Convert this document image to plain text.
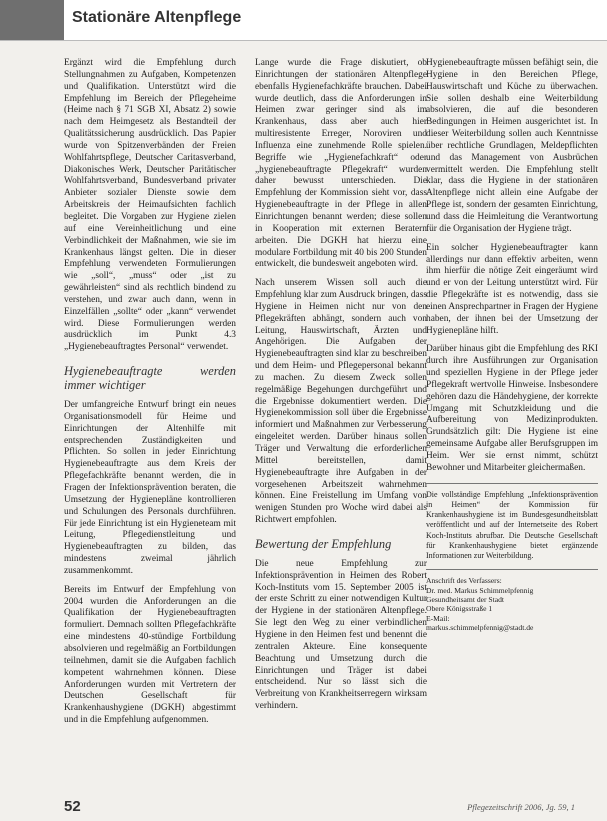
Stationäre Altenpflege

Ergänzt wird die Empfehlung durch Stellungnahmen zu Aufgaben, Kompetenzen und Qualifikation. Unterstützt wird die Empfehlung im Bereich der Pflegeheime (Heime nach § 71 SGB XI, Absatz 2) sowie nach dem Heimgesetz als Bestandteil der Qualitätssicherung ausdrücklich. Das Papier wurde von Spitzenverbänden der Freien Wohlfahrtspflege, Deutscher Caritasverband, Diakonisches Werk, Deutscher Paritätischer Wohlfahrtsverband, Bundesverband privater Anbieter sozialer Dienste sowie dem Arbeitskreis der Heimaufsichten fachlich begleitet. Die Vorgaben zur Hygiene zielen auf eine Vereinheitlichung und eine Verbindlichkeit der Maßnahmen, wie sie im Krankenhaus längst gelten. Die in dieser Empfehlung verwendeten Formulierungen wie „soll“, „muss“ oder „ist zu gewährleisten“ sind als rechtlich bindend zu verstehen, und zwar auch dann, wenn in Einzelfällen „sollte“ oder „kann“ verwendet wird. Diese Formulierungen werden ausdrücklich im Punkt 4.3 „Hygienebeauftragtes Personal“ verwendet.

Hygienebeauftragte werden immer wichtiger

Der umfangreiche Entwurf bringt ein neues Organisationsmodell für Heime und Einrichtungen der Altenhilfe mit entsprechenden Zuständigkeiten und Pflichten. So sollen in jeder Einrichtung Hygienebeauftragte aus dem Kreis der Pflegefachkräfte benannt werden, die in Fragen der Infektionsprävention beraten, die Umsetzung der Hygienepläne kontrollieren und Schulungen des Personals durchführen. Für jede Einrichtung ist ein Hygieneteam mit Leitung, Pflegedienstleitung und Hygienebeauftragten zu bilden, das mindestens zweimal jährlich zusammenkommt.

Bereits im Entwurf der Empfehlung von 2004 wurden die Anforderungen an die Qualifikation der Hygienebeauftragten formuliert. Demnach sollten Pflegefachkräfte eine mindestens 40-stündige Fortbildung absolvieren und regelmäßig an Fortbildungen teilnehmen, damit sie die Aufgaben fachlich kompetent wahrnehmen können. Diese Anforderungen wurden mit Vertretern der Deutschen Gesellschaft für Krankenhaushygiene (DGKH) abgestimmt und in die Empfehlung aufgenommen.

Lange wurde die Frage diskutiert, ob Einrichtungen der stationären Altenpflege ebenfalls Hygienefachkräfte brauchen. Dabei wurde deutlich, dass die Anforderungen in Heimen zwar geringer sind als im Krankenhaus, dass aber auch hier multiresistente Erreger, Noroviren und Influenza eine zunehmende Rolle spielen. Begriffe wie „Hygienefachkraft“ oder „hygienebeauftragte Pflegekraft“ wurden daher bewusst unterschieden. Die Empfehlung der Kommission sieht vor, dass Hygienebeauftragte in der Pflege in allen Einrichtungen benannt werden; diese sollen in Kooperation mit externen Beratern arbeiten. Die DGKH hat hierzu eine modulare Fortbildung mit 40 bis 200 Stunden entwickelt, die bundesweit angeboten wird.

Nach unserem Wissen soll auch die Empfehlung klar zum Ausdruck bringen, dass Hygiene in Heimen nicht nur von den Pflegekräften abhängt, sondern auch von Leitung, Hauswirtschaft, Ärzten und Angehörigen. Die Aufgaben der Hygienebeauftragten sind klar zu beschreiben und dem Heim- und Pflegepersonal bekannt zu machen. Zu diesem Zweck sollen regelmäßige Begehungen durchgeführt und die Ergebnisse dokumentiert werden. Die Hygienekommission soll über die Ergebnisse informiert und Maßnahmen zur Verbesserung eingeleitet werden. Darüber hinaus sollen Träger und Verwaltung die erforderlichen Mittel bereitstellen, damit Hygienebeauftragte ihre Aufgaben in der vorgesehenen Arbeitszeit wahrnehmen können. Eine Freistellung im Umfang von wenigen Stunden pro Woche wird dabei als Richtwert empfohlen.

Bewertung der Empfehlung

Die neue Empfehlung zur Infektionsprävention in Heimen des Robert Koch-Instituts vom 15. September 2005 ist der erste Schritt zu einer notwendigen Kultur der Hygiene in der stationären Altenpflege. Sie legt den Weg zu einer verbindlichen Hygiene in den Heimen fest und benennt die zentralen Akteure. Eine konsequente Beachtung und Umsetzung durch die Einrichtungen und Träger ist dabei entscheidend. Nur so lässt sich die Verbreitung von Krankheitserregern wirksam verhindern.

Hygienebeauftragte müssen befähigt sein, die Hygiene in den Bereichen Pflege, Hauswirtschaft und Küche zu überwachen. Sie sollen deshalb eine Weiterbildung absolvieren, die auf die besonderen Bedingungen in Heimen ausgerichtet ist. In dieser Weiterbildung sollen auch Kenntnisse über rechtliche Grundlagen, Meldepflichten und das Management von Ausbrüchen vermittelt werden. Die Empfehlung stellt klar, dass die Hygiene in der stationären Altenpflege nicht allein eine Aufgabe der Pflege ist, sondern der gesamten Einrichtung, und dass die Heimleitung die Verantwortung für die Organisation der Hygiene trägt.

Ein solcher Hygienebeauftragter kann allerdings nur dann effektiv arbeiten, wenn ihm hierfür die nötige Zeit eingeräumt wird und er von der Leitung unterstützt wird. Für die Pflegekräfte ist es notwendig, dass sie einen Ansprechpartner in Fragen der Hygiene haben, der ihnen bei der Umsetzung der Hygienepläne hilft.

Darüber hinaus gibt die Empfehlung des RKI durch ihre Ausführungen zur Organisation und speziellen Hygiene in der Pflege jeder Pflegekraft wertvolle Hinweise. Insbesondere gehören dazu die Händehygiene, der korrekte Umgang mit Schutzkleidung und die Aufbereitung von Medizinprodukten. Grundsätzlich gilt: Die Hygiene ist eine gemeinsame Aufgabe aller Berufsgruppen im Heim. Wer sie ernst nimmt, schützt Bewohner und Mitarbeiter gleichermaßen.

Die vollständige Empfehlung „Infektionsprävention in Heimen“ der Kommission für Krankenhaushygiene ist im Bundesgesundheitsblatt veröffentlicht und auf der Internetseite des Robert Koch-Instituts abrufbar. Die Deutsche Gesellschaft für Krankenhaushygiene bietet ergänzende Informationen zur Weiterbildung.
Anschrift des Verfassers:
Dr. med. Markus Schimmelpfennig
Gesundheitsamt der Stadt
Obere Königsstraße 1
E-Mail:
markus.schimmelpfennig@stadt.de
52	Pflegezeitschrift 2006, Jg. 59, 1
